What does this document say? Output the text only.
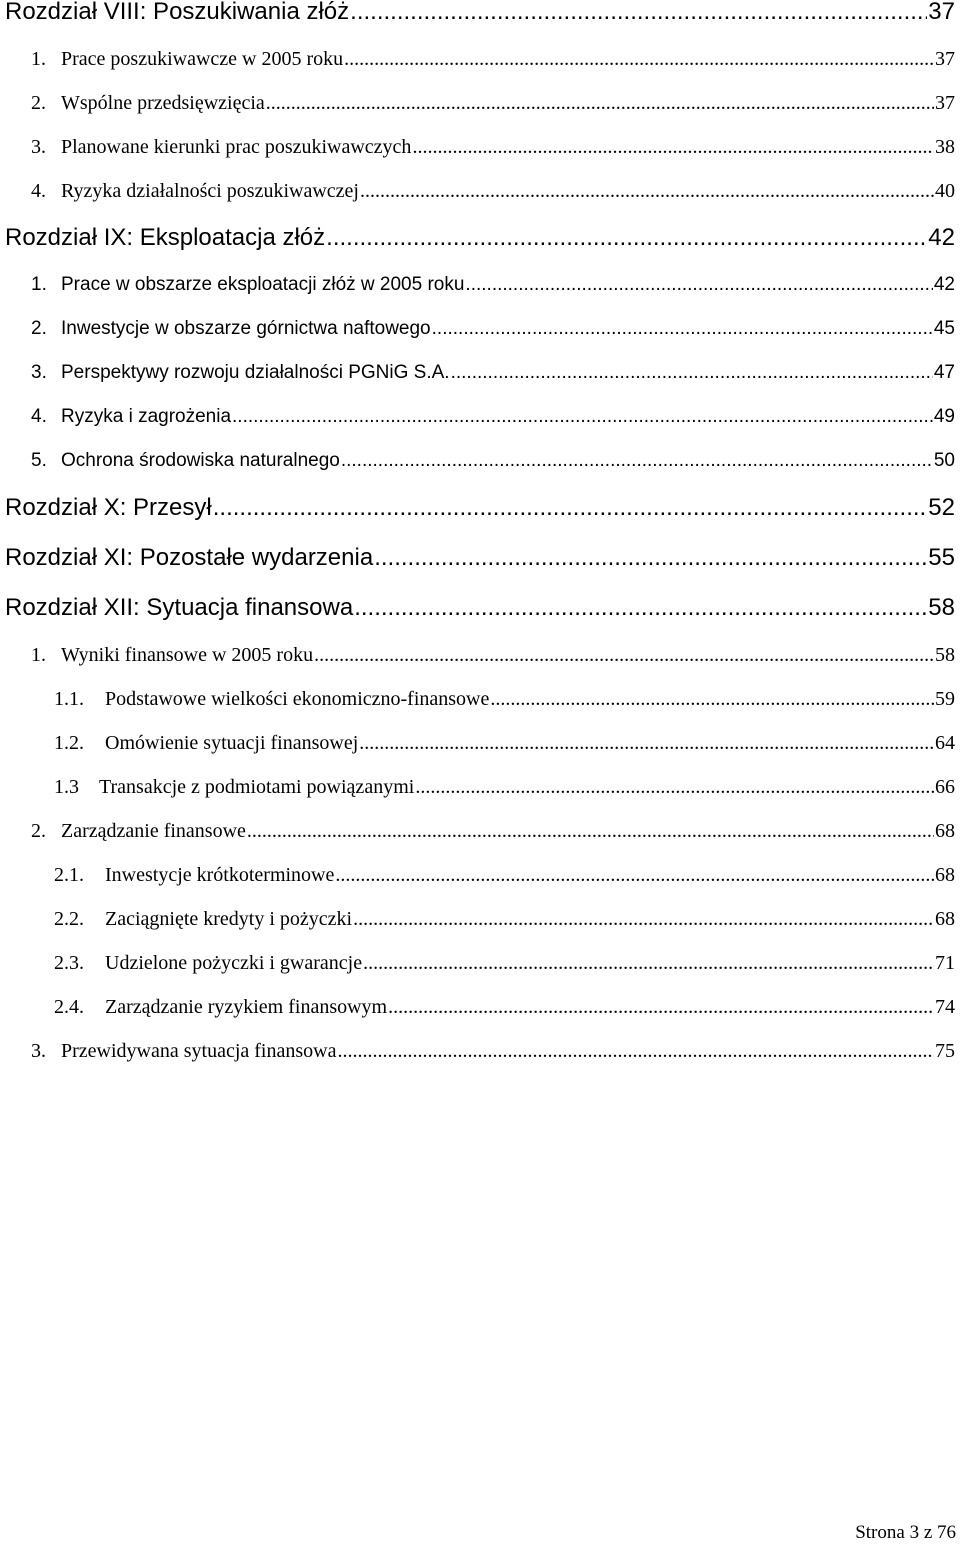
Rozdział VIII: Poszukiwania złóż .....	37
1. Prace poszukiwawcze w 2005 roku .....	37
2. Wspólne przedsięwzięcia .....	37
3. Planowane kierunki prac poszukiwawczych .....	38
4. Ryzyka działalności poszukiwawczej .....	40
Rozdział IX: Eksploatacja złóż .....	42
1. Prace w obszarze eksploatacji złóż w 2005 roku .....	42
2. Inwestycje w obszarze górnictwa naftowego .....	45
3. Perspektywy rozwoju działalności PGNiG S.A. .....	47
4. Ryzyka i zagrożenia .....	49
5. Ochrona środowiska naturalnego .....	50
Rozdział X: Przesył .....	52
Rozdział XI: Pozostałe wydarzenia .....	55
Rozdział XII: Sytuacja finansowa .....	58
1. Wyniki finansowe w 2005 roku .....	58
1.1.	Podstawowe wielkości ekonomiczno-finansowe .....	59
1.2.	Omówienie sytuacji finansowej .....	64
1.3	Transakcje z podmiotami powiązanymi .....	66
2. Zarządzanie finansowe .....	68
2.1.	Inwestycje krótkoterminowe .....	68
2.2.	Zaciągnięte kredyty i pożyczki .....	68
2.3.	Udzielone pożyczki i gwarancje .....	71
2.4.	Zarządzanie ryzykiem finansowym .....	74
3. Przewidywana sytuacja finansowa .....	75
Strona 3 z 76
